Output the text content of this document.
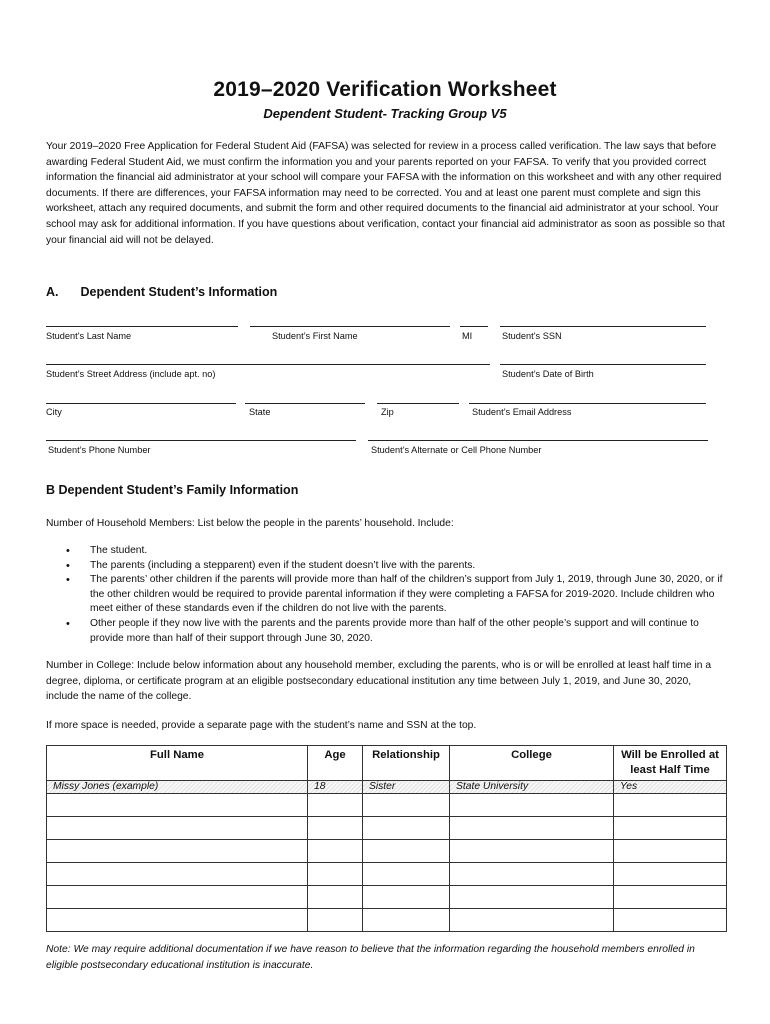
2019–2020 Verification Worksheet
Dependent Student- Tracking Group V5
Your 2019–2020 Free Application for Federal Student Aid (FAFSA) was selected for review in a process called verification. The law says that before awarding Federal Student Aid, we must confirm the information you and your parents reported on your FAFSA. To verify that you provided correct information the financial aid administrator at your school will compare your FAFSA with the information on this worksheet and with any other required documents. If there are differences, your FAFSA information may need to be corrected. You and at least one parent must complete and sign this worksheet, attach any required documents, and submit the form and other required documents to the financial aid administrator at your school. Your school may ask for additional information. If you have questions about verification, contact your financial aid administrator as soon as possible so that your financial aid will not be delayed.
A. Dependent Student’s Information
Student’s Last Name	Student’s First Name	MI	Student’s SSN
Student’s Street Address (include apt. no)	Student’s Date of Birth
City	State	Zip	Student’s Email Address
Student’s Phone Number	Student’s Alternate or Cell Phone Number
B Dependent Student’s Family Information
Number of Household Members: List below the people in the parents’ household. Include:
• The student.
• The parents (including a stepparent) even if the student doesn’t live with the parents.
• The parents’ other children if the parents will provide more than half of the children’s support from July 1, 2019, through June 30, 2020, or if the other children would be required to provide parental information if they were completing a FAFSA for 2019-2020. Include children who meet either of these standards even if the children do not live with the parents.
• Other people if they now live with the parents and the parents provide more than half of the other people’s support and will continue to provide more than half of their support through June 30, 2020.
Number in College: Include below information about any household member, excluding the parents, who is or will be enrolled at least half time in a degree, diploma, or certificate program at an eligible postsecondary educational institution any time between July 1, 2019, and June 30, 2020, include the name of the college.
If more space is needed, provide a separate page with the student’s name and SSN at the top.
Full Name	Age	Relationship	College	Will be Enrolled at least Half Time
Missy Jones (example)	18	Sister	State University	Yes

Note: We may require additional documentation if we have reason to believe that the information regarding the household members enrolled in eligible postsecondary educational institution is inaccurate.
